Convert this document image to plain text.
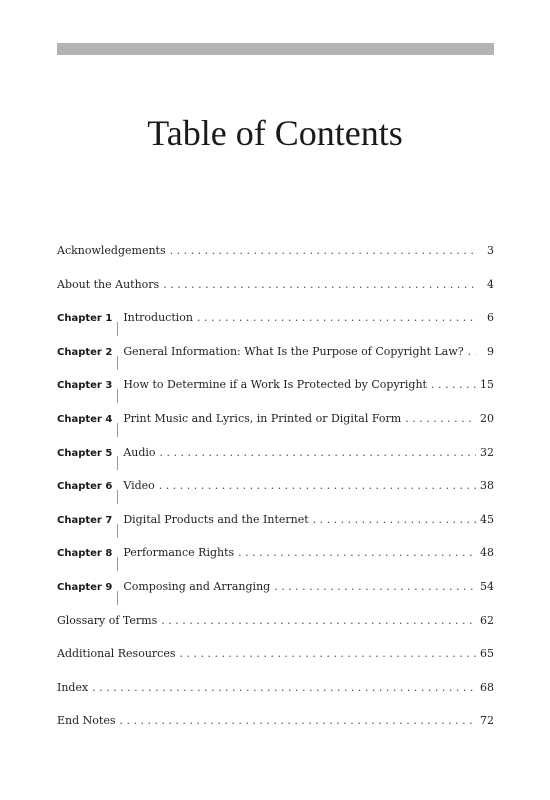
Table of Contents
Acknowledgements . . .	3
About the Authors . . .	4
Chapter 1 Introduction . . .	6
Chapter 2 General Information: What Is the Purpose of Copyright Law? . . .	9
Chapter 3 How to Determine if a Work Is Protected by Copyright . . .	15
Chapter 4 Print Music and Lyrics, in Printed or Digital Form . . .	20
Chapter 5 Audio . . .	32
Chapter 6 Video . . .	38
Chapter 7 Digital Products and the Internet . . .	45
Chapter 8 Performance Rights . . .	48
Chapter 9 Composing and Arranging . . .	54
Glossary of Terms . . .	62
Additional Resources . . .	65
Index . . .	68
End Notes . . .	72
